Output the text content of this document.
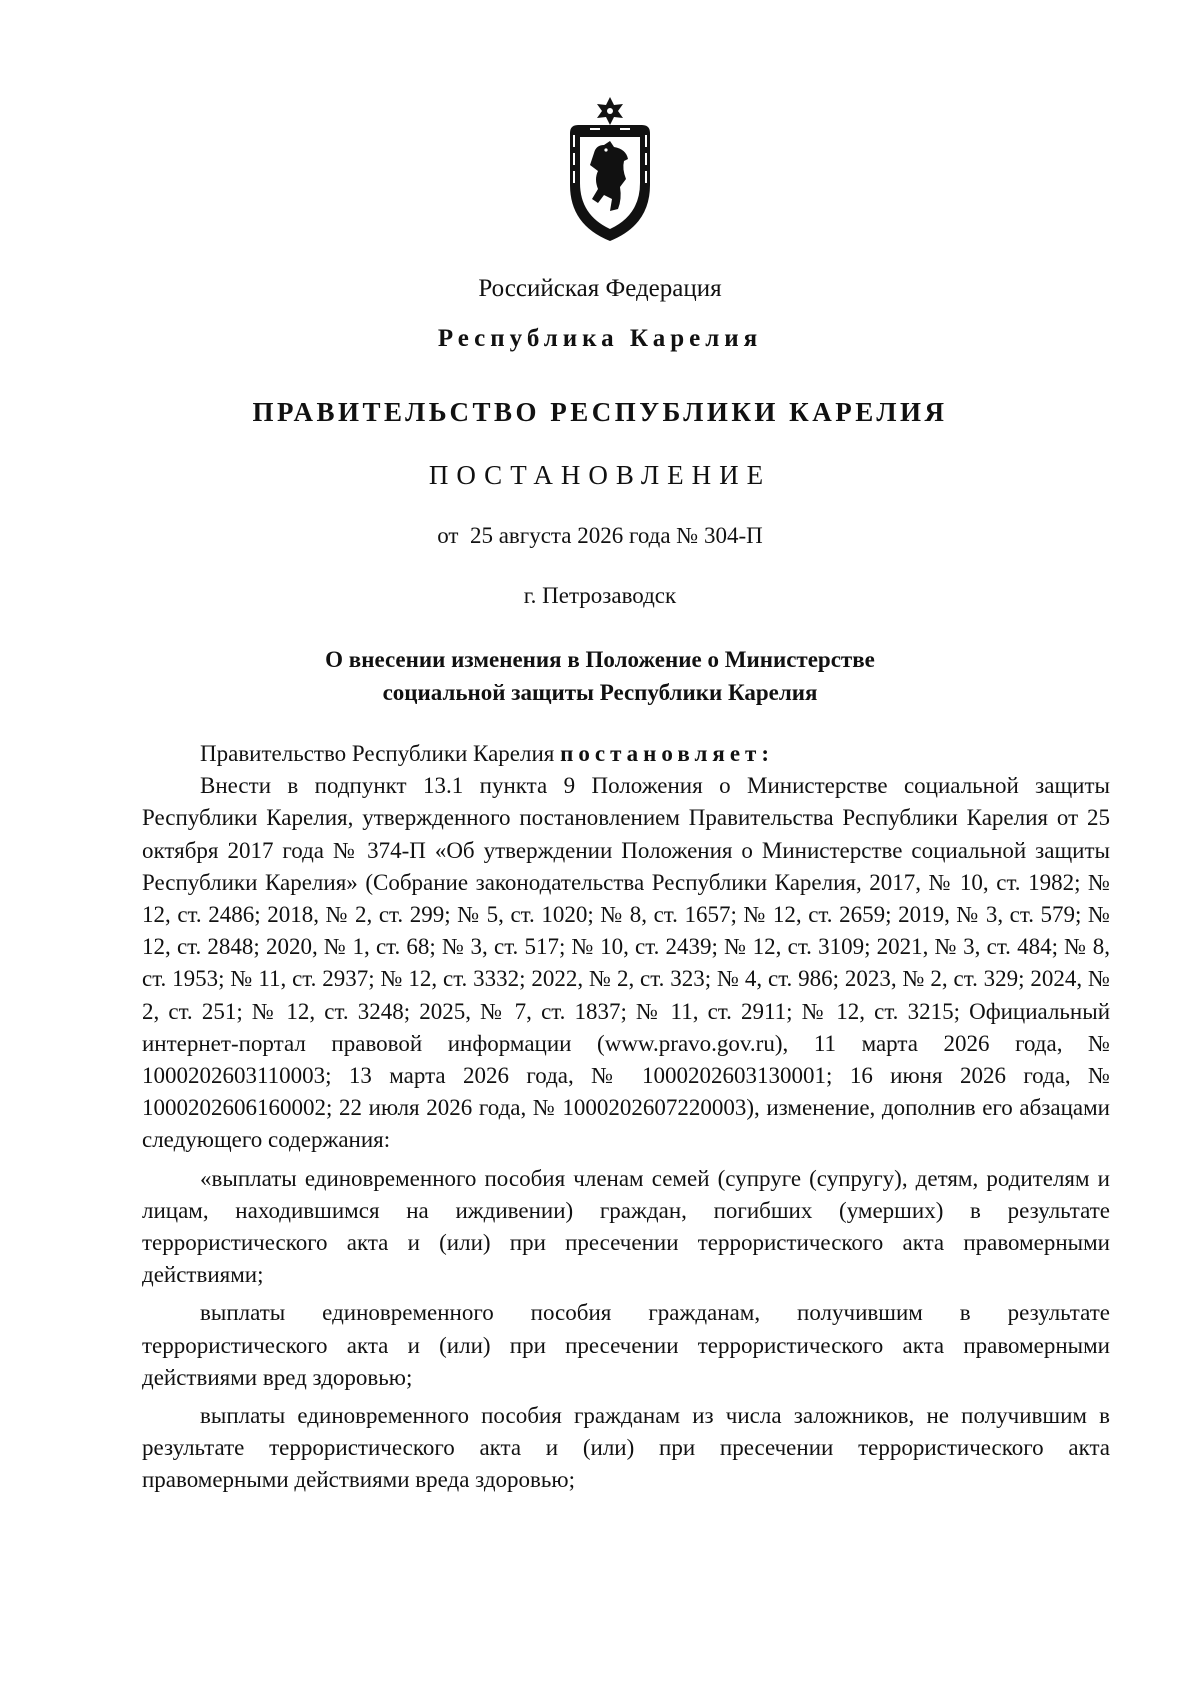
Российская Федерация
Республика Карелия
ПРАВИТЕЛЬСТВО РЕСПУБЛИКИ КАРЕЛИЯ
ПОСТАНОВЛЕНИЕ
от  25 августа 2026 года № 304-П
г. Петрозаводск
О внесении изменения в Положение о Министерстве
социальной защиты Республики Карелия

Правительство Республики Карелия постановляет:

Внести в подпункт 13.1 пункта 9 Положения о Министерстве социальной защиты Республики Карелия, утвержденного постановлением Правительства Республики Карелия от 25 октября 2017 года № 374-П «Об утверждении Положения о Министерстве социальной защиты Республики Карелия» (Собрание законодательства Республики Карелия, 2017, № 10, ст. 1982; № 12, ст. 2486; 2018, № 2, ст. 299; № 5, ст. 1020; № 8, ст. 1657; № 12, ст. 2659; 2019, № 3, ст. 579; № 12, ст. 2848; 2020, № 1, ст. 68; № 3, ст. 517; № 10, ст. 2439; № 12, ст. 3109; 2021, № 3, ст. 484; № 8, ст. 1953; № 11, ст. 2937; № 12, ст. 3332; 2022, № 2, ст. 323; № 4, ст. 986; 2023, № 2, ст. 329; 2024, № 2, ст. 251; № 12, ст. 3248; 2025, № 7, ст. 1837; № 11, ст. 2911; № 12, ст. 3215; Официальный интернет-портал правовой информации (www.pravo.gov.ru), 11 марта 2026 года, № 1000202603110003; 13 марта 2026 года, № 1000202603130001; 16 июня 2026 года, № 1000202606160002; 22 июля 2026 года, № 1000202607220003), изменение, дополнив его абзацами следующего содержания:

«выплаты единовременного пособия членам семей (супруге (супругу), детям, родителям и лицам, находившимся на иждивении) граждан, погибших (умерших) в результате террористического акта и (или) при пресечении террористического акта правомерными действиями;

выплаты единовременного пособия гражданам, получившим в результате террористического акта и (или) при пресечении террористического акта правомерными действиями вред здоровью;

выплаты единовременного пособия гражданам из числа заложников, не получившим в результате террористического акта и (или) при пресечении террористического акта правомерными действиями вреда здоровью;
